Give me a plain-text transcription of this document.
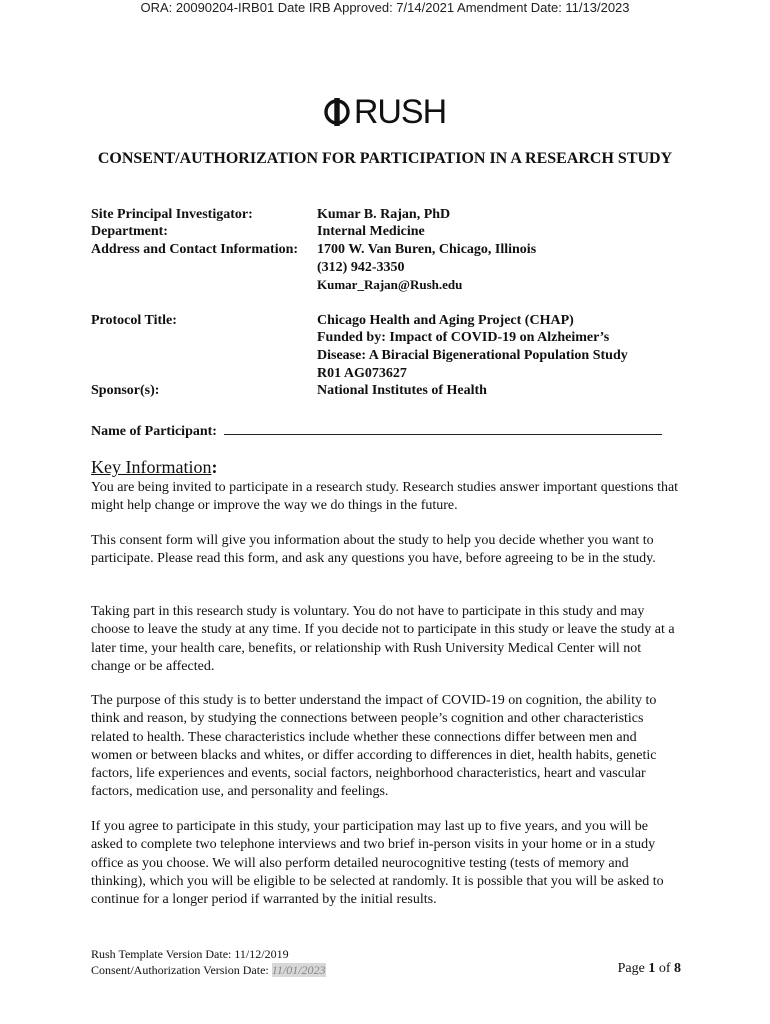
ORA: 20090204-IRB01 Date IRB Approved: 7/14/2021 Amendment Date: 11/13/2023
RUSH
CONSENT/AUTHORIZATION FOR PARTICIPATION IN A RESEARCH STUDY
Site Principal Investigator:	Kumar B. Rajan, PhD
Department:	Internal Medicine
Address and Contact Information: 1700 W. Van Buren, Chicago, Illinois
(312) 942-3350
Kumar_Rajan@Rush.edu
Protocol Title:	Chicago Health and Aging Project (CHAP)
Funded by: Impact of COVID-19 on Alzheimer’s
Disease: A Biracial Bigenerational Population Study
R01 AG073627
Sponsor(s):	National Institutes of Health
Name of Participant:
Key Information:
You are being invited to participate in a research study. Research studies answer important questions that might help change or improve the way we do things in the future.
This consent form will give you information about the study to help you decide whether you want to participate. Please read this form, and ask any questions you have, before agreeing to be in the study.
Taking part in this research study is voluntary. You do not have to participate in this study and may choose to leave the study at any time. If you decide not to participate in this study or leave the study at a later time, your health care, benefits, or relationship with Rush University Medical Center will not change or be affected.
The purpose of this study is to better understand the impact of COVID-19 on cognition, the ability to think and reason, by studying the connections between people’s cognition and other characteristics related to health. These characteristics include whether these connections differ between men and women or between blacks and whites, or differ according to differences in diet, health habits, genetic factors, life experiences and events, social factors, neighborhood characteristics, heart and vascular factors, medication use, and personality and feelings.
If you agree to participate in this study, your participation may last up to five years, and you will be asked to complete two telephone interviews and two brief in-person visits in your home or in a study office as you choose. We will also perform detailed neurocognitive testing (tests of memory and thinking), which you will be eligible to be selected at randomly. It is possible that you will be asked to continue for a longer period if warranted by the initial results.
Rush Template Version Date: 11/12/2019
Consent/Authorization Version Date: 11/01/2023	Page 1 of 8
